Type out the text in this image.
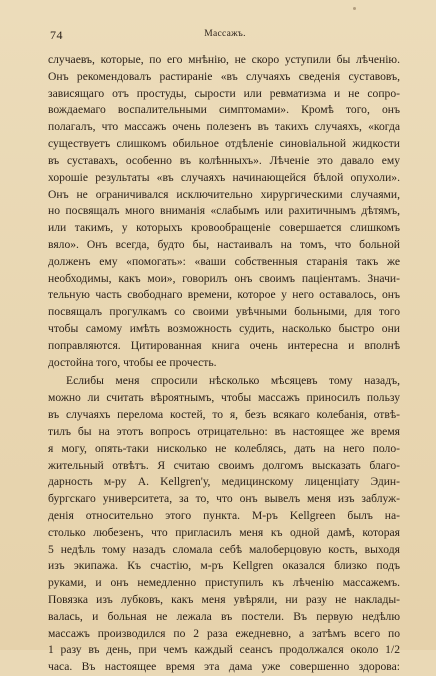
74	Массажъ.
случаевъ, которые, по его мнѣнію, не скоро уступили бы лѣченію.
Онъ рекомендовалъ растираніе «въ случаяхъ сведенія суставовъ,
зависящаго отъ простуды, сырости или ревматизма и не сопро-
вождаемаго воспалительными симптомами». Кромѣ того, онъ
полагалъ, что массажъ очень полезенъ въ такихъ случаяхъ, «когда
существуетъ слишкомъ обильное отдѣленіе синовіальной жидкости
въ суставахъ, особенно въ колѣнныхъ». Лѣченіе это давало ему
хорошіе результаты «въ случаяхъ начинающейся бѣлой опухоли».
Онъ не ограничивался исключительно хирургическими случаями,
но посвящалъ много вниманія «слабымъ или рахитичнымъ дѣтямъ,
или такимъ, у которыхъ кровообращеніе совершается слишкомъ
вяло». Онъ всегда, будто бы, настаивалъ на томъ, что больной
долженъ ему «помогать»: «ваши собственныя старанія такъ же
необходимы, какъ мои», говорилъ онъ своимъ паціентамъ. Значи-
тельную часть свободнаго времени, которое у него оставалось, онъ
посвящалъ прогулкамъ со своими увѣчными больными, для того
чтобы самому имѣть возможность судить, насколько быстро они
поправляются. Цитированная книга очень интересна и вполнѣ
достойна того, чтобы ее прочесть.
Еслибы меня спросили нѣсколько мѣсяцевъ тому назадъ,
можно ли считать вѣроятнымъ, чтобы массажъ приносилъ пользу
въ случаяхъ перелома костей, то я, безъ всякаго колебанія, отвѣ-
тилъ бы на этотъ вопросъ отрицательно: въ настоящее же время
я могу, опять-таки нисколько не колеблясь, дать на него поло-
жительный отвѣтъ. Я считаю своимъ долгомъ высказать благо-
дарность м-ру А. Kellgren'у, медицинскому лиценціату Эдин-
бургскаго университета, за то, что онъ вывелъ меня изъ заблуж-
денія относительно этого пункта. М-ръ Kellgreen былъ на-
столько любезенъ, что пригласилъ меня къ одной дамѣ, которая
5 недѣль тому назадъ сломала себѣ малоберцовую кость, выходя
изъ экипажа. Къ счастію, м-ръ Kellgren оказался близко подъ
руками, и онъ немедленно приступилъ къ лѣченію массажемъ.
Повязка изъ лубковъ, какъ меня увѣряли, ни разу не наклады-
валась, и больная не лежала въ постели. Въ первую недѣлю
массажъ производился по 2 раза ежедневно, а затѣмъ всего по
1 разу въ день, при чемъ каждый сеансъ продолжался около 1/2
часа. Въ настоящее время эта дама уже совершенно здорова:
